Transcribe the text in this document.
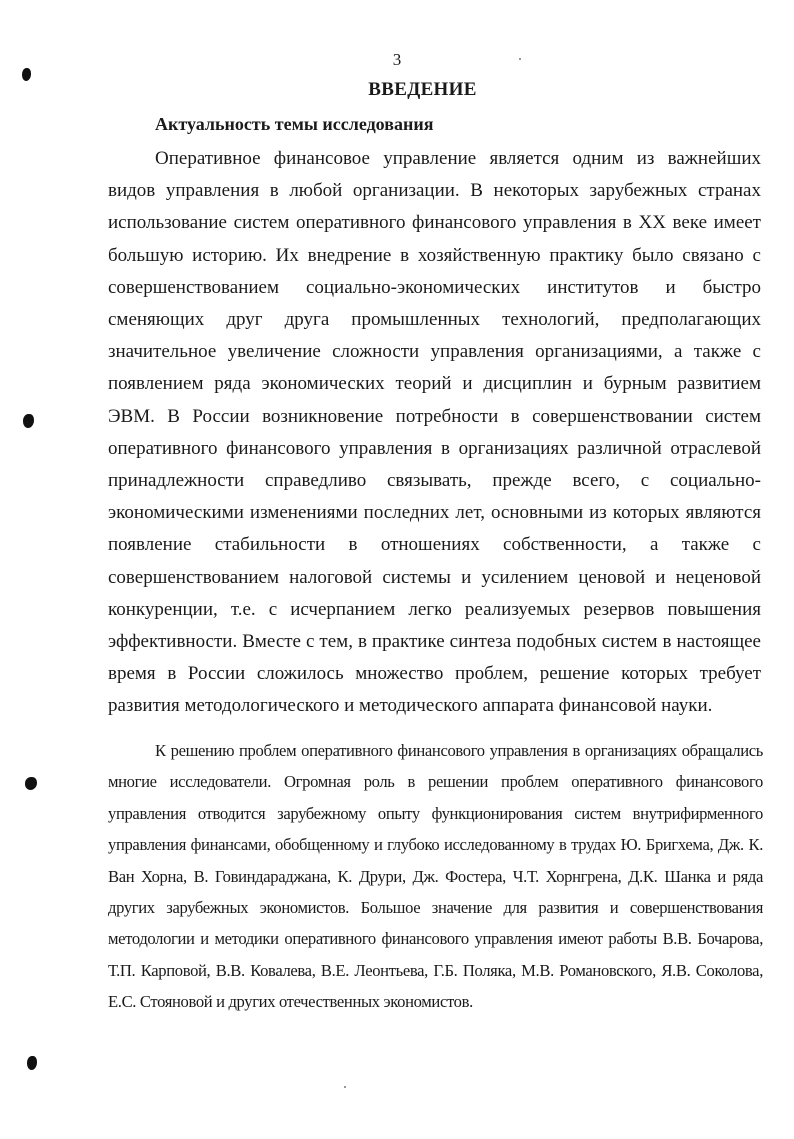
3
ВВЕДЕНИЕ
Актуальность темы исследования

Оперативное финансовое управление является одним из важнейших видов управления в любой организации. В некоторых зарубежных странах использование систем оперативного финансового управления в XX веке имеет большую историю. Их внедрение в хозяйственную практику было связано с совершенствованием социально-экономических институтов и быстро сменяющих друг друга промышленных технологий, предполагающих значительное увеличение сложности управления организациями, а также с появлением ряда экономических теорий и дисциплин и бурным развитием ЭВМ. В России возникновение потребности в совершенствовании систем оперативного финансового управления в организациях различной отраслевой принадлежности справедливо связывать, прежде всего, с социально-экономическими изменениями последних лет, основными из которых являются появление стабильности в отношениях собственности, а также с совершенствованием налоговой системы и усилением ценовой и неценовой конкуренции, т.е. с исчерпанием легко реализуемых резервов повышения эффективности. Вместе с тем, в практике синтеза подобных систем в настоящее время в России сложилось множество проблем, решение которых требует развития методологического и методического аппарата финансовой науки.

К решению проблем оперативного финансового управления в организациях обращались многие исследователи. Огромная роль в решении проблем оперативного финансового управления отводится зарубежному опыту функционирования систем внутрифирменного управления финансами, обобщенному и глубоко исследованному в трудах Ю. Бригхема, Дж. К. Ван Хорна, В. Говиндараджана, К. Друри, Дж. Фостера, Ч.Т. Хорнгрена, Д.К. Шанка и ряда других зарубежных экономистов. Большое значение для развития и совершенствования методологии и методики оперативного финансового управления имеют работы В.В. Бочарова, Т.П. Карповой, В.В. Ковалева, В.Е. Леонтьева, Г.Б. Поляка, М.В. Романовского, Я.В. Соколова, Е.С. Стояновой и других отечественных экономистов.
